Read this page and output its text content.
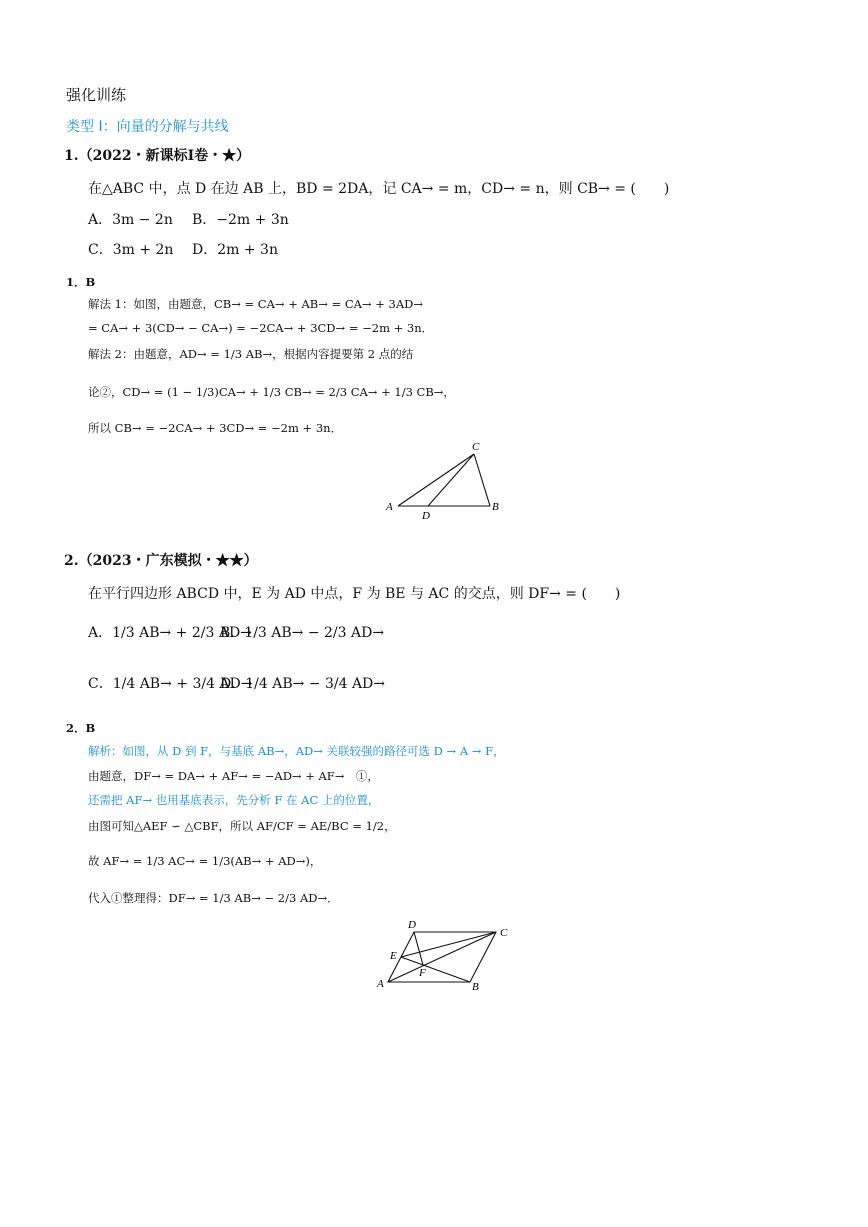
强化训练
类型 Ⅰ：向量的分解与共线
1.（2022・新课标Ⅰ卷・★）
在△ABC 中，点 D 在边 AB 上，BD = 2DA，记 CA→ = m，CD→ = n，则 CB→ = (　　)
A．3m − 2n B．−2m + 3n
C．3m + 2n D．2m + 3n
1．B
解法 1：如图，由题意，CB→ = CA→ + AB→ = CA→ + 3AD→
= CA→ + 3(CD→ − CA→) = −2CA→ + 3CD→ = −2m + 3n．
解法 2：由题意，AD→ = 1/3 AB→，根据内容提要第 2 点的结
论②，CD→ = (1 − 1/3)CA→ + 1/3 CB→ = 2/3 CA→ + 1/3 CB→，
所以 CB→ = −2CA→ + 3CD→ = −2m + 3n．
A
D
B
C
2.（2023・广东模拟・★★）
在平行四边形 ABCD 中，E 为 AD 中点，F 为 BE 与 AC 的交点，则 DF→ = (　　)
A．1/3 AB→ + 2/3 AD→
B．1/3 AB→ − 2/3 AD→
C．1/4 AB→ + 3/4 AD→
D．1/4 AB→ − 3/4 AD→
2．B
解析：如图，从 D 到 F，与基底 AB→，AD→ 关联较强的路径可选 D → A → F，
由题意，DF→ = DA→ + AF→ = −AD→ + AF→　①，
还需把 AF→ 也用基底表示，先分析 F 在 AC 上的位置，
由图可知△AEF ∽ △CBF，所以 AF/CF = AE/BC = 1/2，
故 AF→ = 1/3 AC→ = 1/3(AB→ + AD→)，
代入①整理得：DF→ = 1/3 AB→ − 2/3 AD→．
D
C
E
F
A	B
